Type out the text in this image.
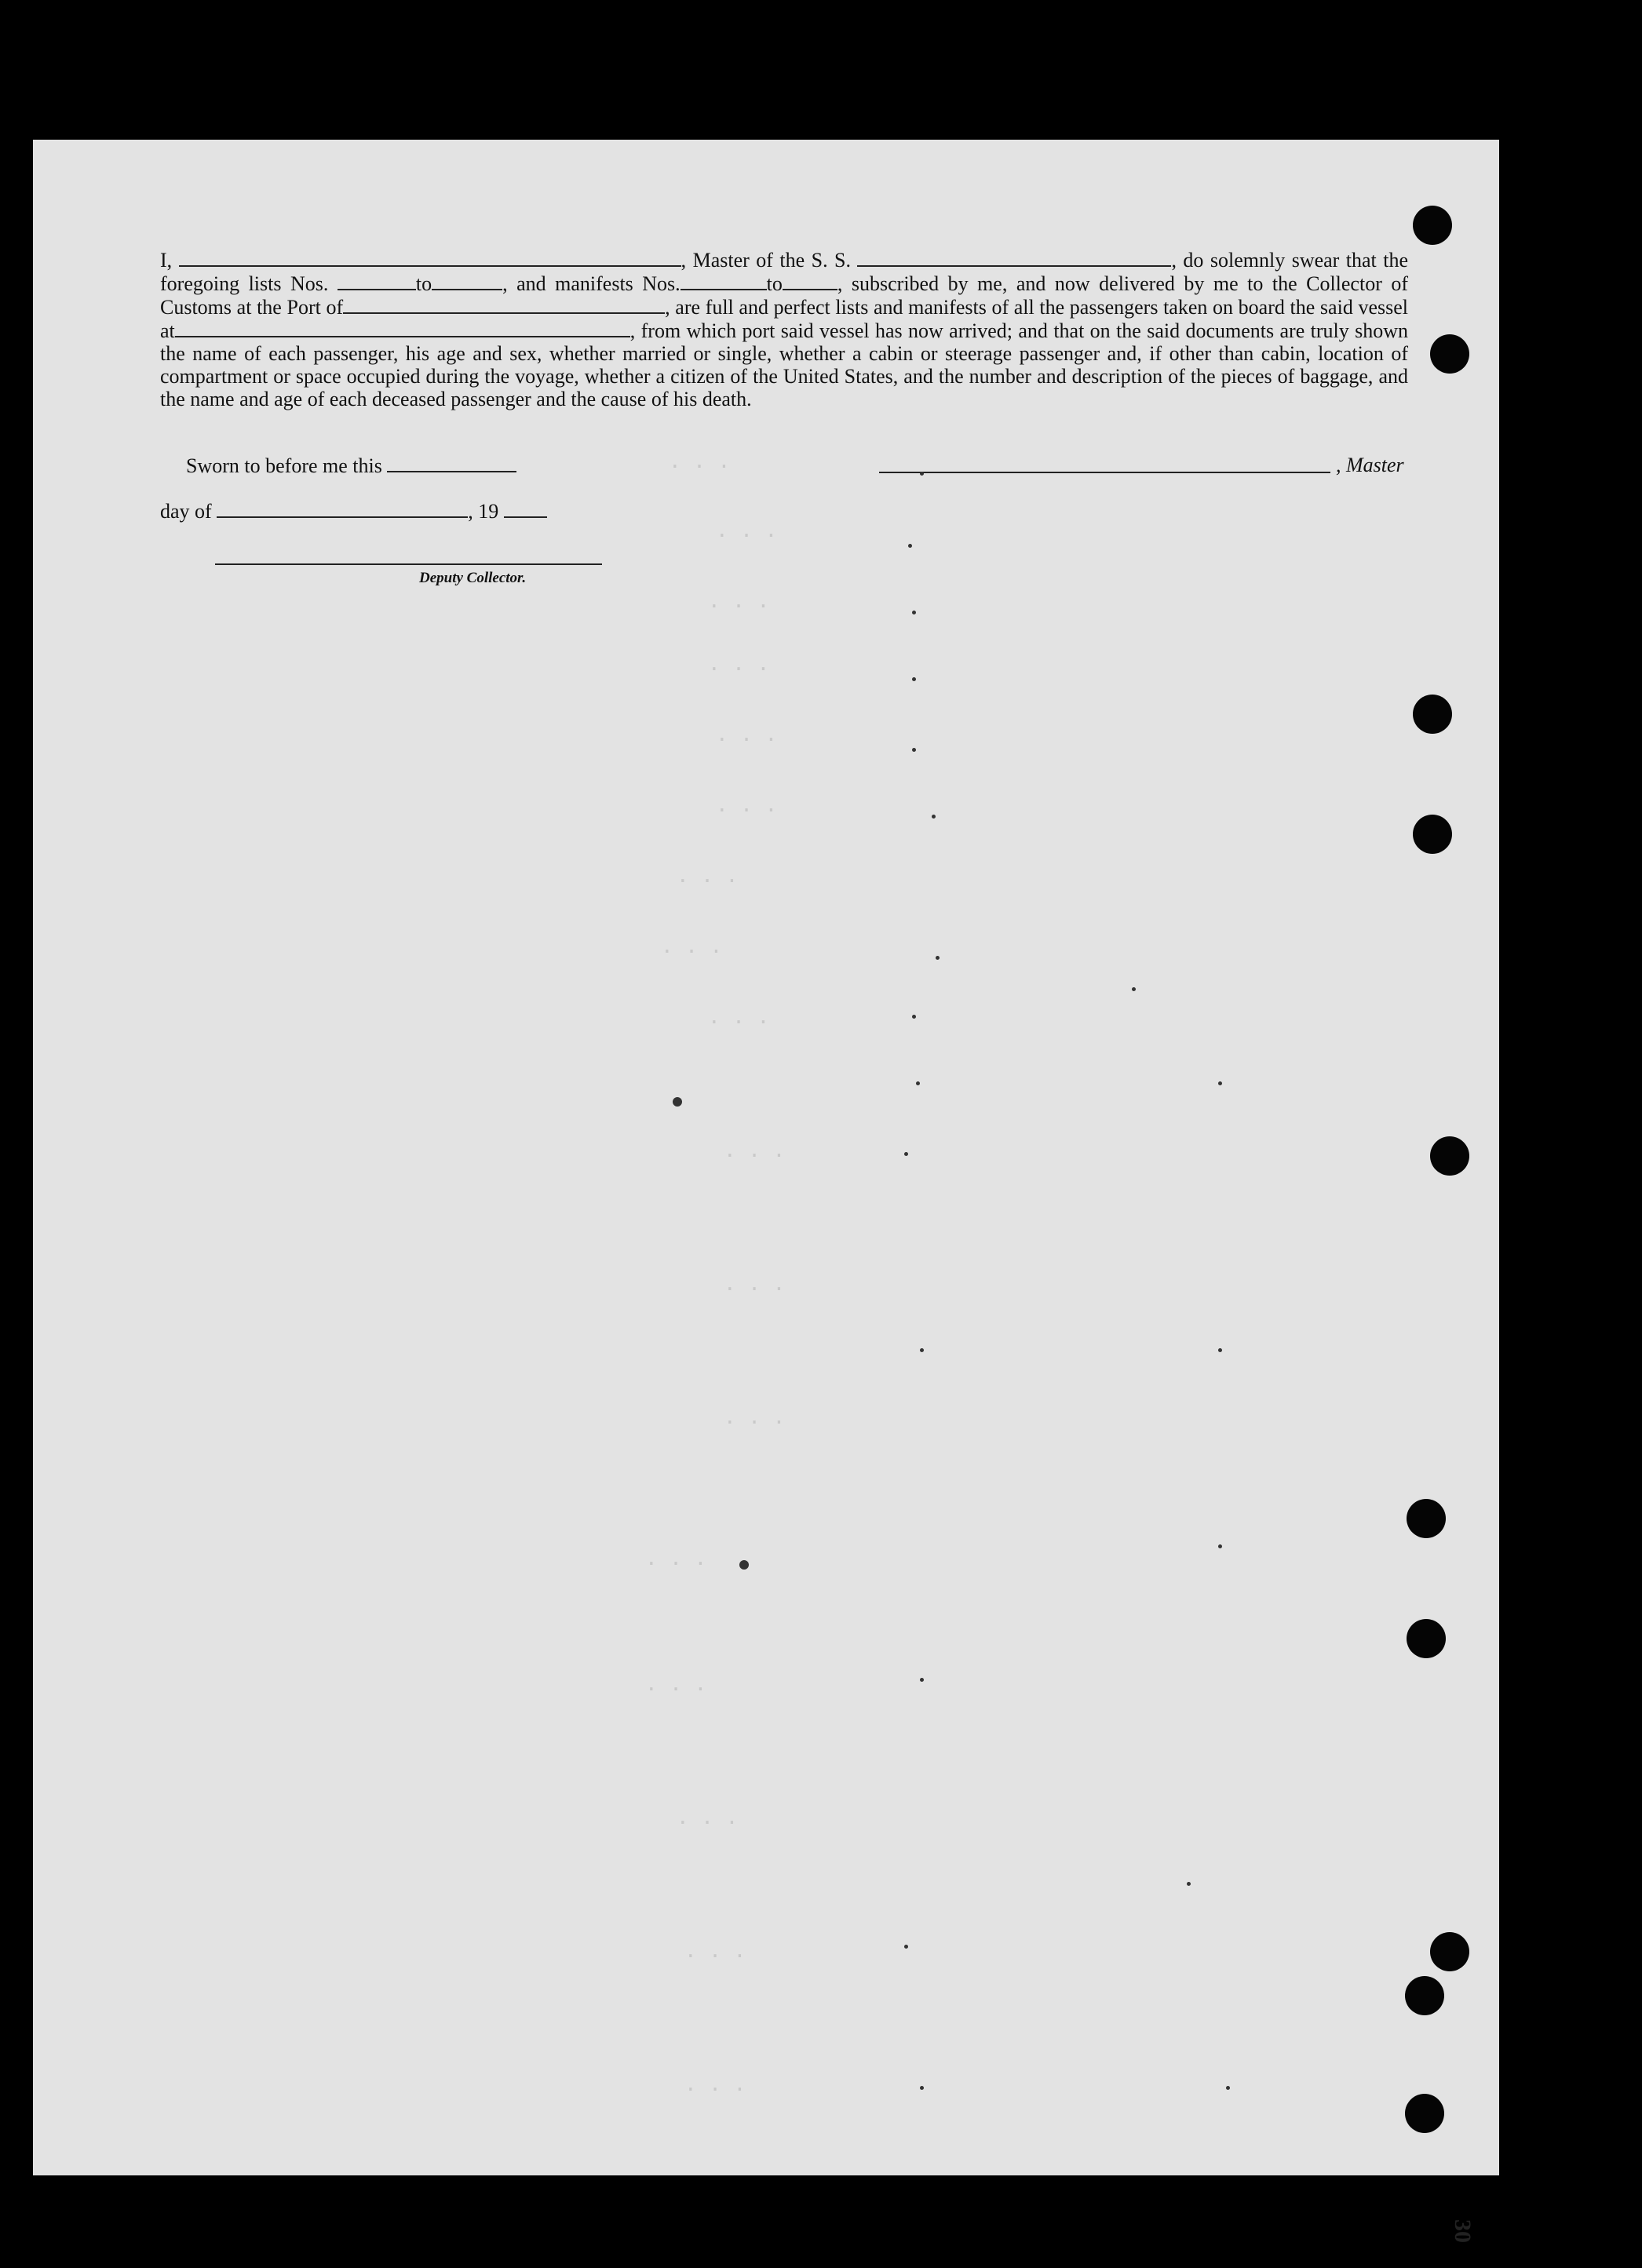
I,	, Master of the S. S.	, do solemnly swear that the foregoing lists Nos.	to	, and manifests Nos.	to	, subscribed by me, and now delivered by me to the Collector of Customs at the Port of	, are full and perfect lists and manifests of all the passengers taken on board the said vessel at	, from which port said vessel has now arrived; and that on the said documents are truly shown the name of each passenger, his age and sex, whether married or single, whether a cabin or steerage passenger and, if other than cabin, location of compartment or space occupied during the voyage, whether a citizen of the United States, and the number and description of the pieces of baggage, and the name and age of each deceased passenger and the cause of his death.
Sworn to before me this	, Master
day of	, 19
Deputy Collector.
· · ·
· · ·
· · ·
· · ·
· · ·
· · ·
· · ·
· · ·
· · ·
· · ·
· · ·
· · ·
· · ·
· · ·
· · ·
· · ·
· · ·
30
